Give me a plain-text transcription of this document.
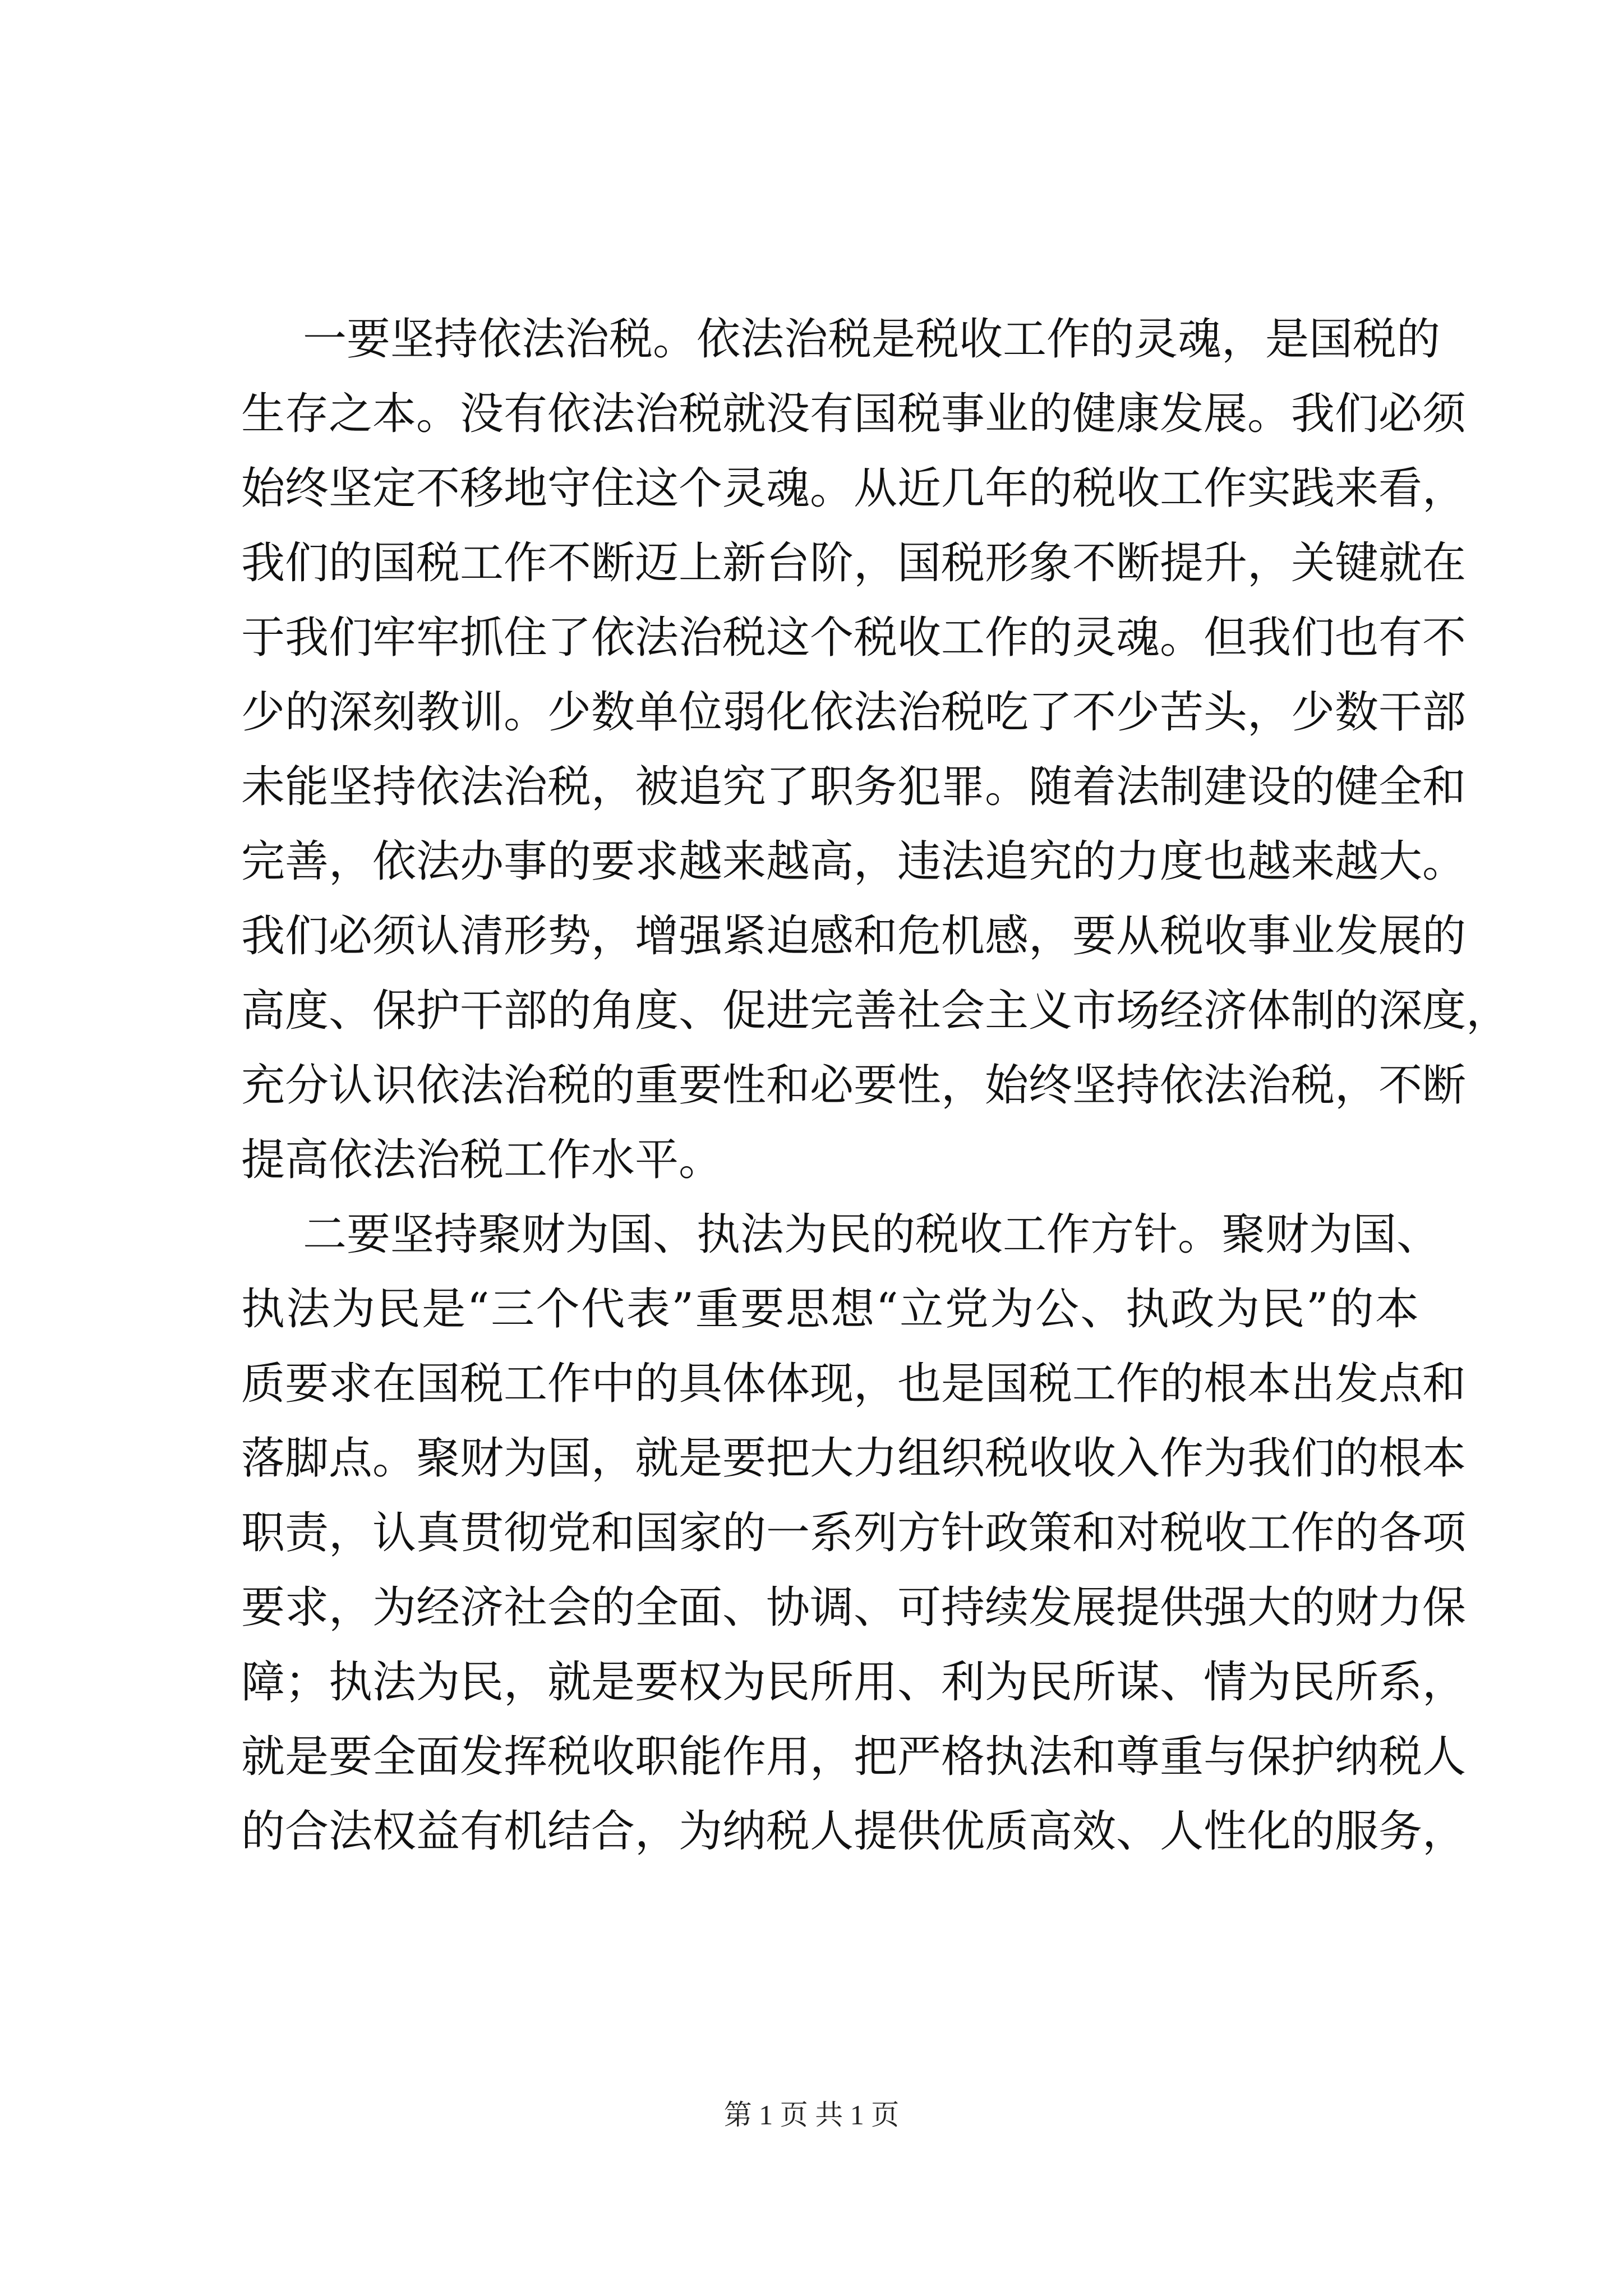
一要坚持依法治税。依法治税是税收工作的灵魂，是国税的
生存之本。没有依法治税就没有国税事业的健康发展。我们必须
始终坚定不移地守住这个灵魂。从近几年的税收工作实践来看，
我们的国税工作不断迈上新台阶，国税形象不断提升，关键就在
于我们牢牢抓住了依法治税这个税收工作的灵魂。但我们也有不
少的深刻教训。少数单位弱化依法治税吃了不少苦头，少数干部
未能坚持依法治税，被追究了职务犯罪。随着法制建设的健全和
完善，依法办事的要求越来越高，违法追究的力度也越来越大。
我们必须认清形势，增强紧迫感和危机感，要从税收事业发展的
高度、保护干部的角度、促进完善社会主义市场经济体制的深度，
充分认识依法治税的重要性和必要性，始终坚持依法治税，不断
提高依法治税工作水平。
二要坚持聚财为国、执法为民的税收工作方针。聚财为国、
执法为民是“三个代表”重要思想“立党为公、执政为民”的本
质要求在国税工作中的具体体现，也是国税工作的根本出发点和
落脚点。聚财为国，就是要把大力组织税收收入作为我们的根本
职责，认真贯彻党和国家的一系列方针政策和对税收工作的各项
要求，为经济社会的全面、协调、可持续发展提供强大的财力保
障；执法为民，就是要权为民所用、利为民所谋、情为民所系，
就是要全面发挥税收职能作用，把严格执法和尊重与保护纳税人
的合法权益有机结合，为纳税人提供优质高效、人性化的服务，
第 1 页 共 1 页
